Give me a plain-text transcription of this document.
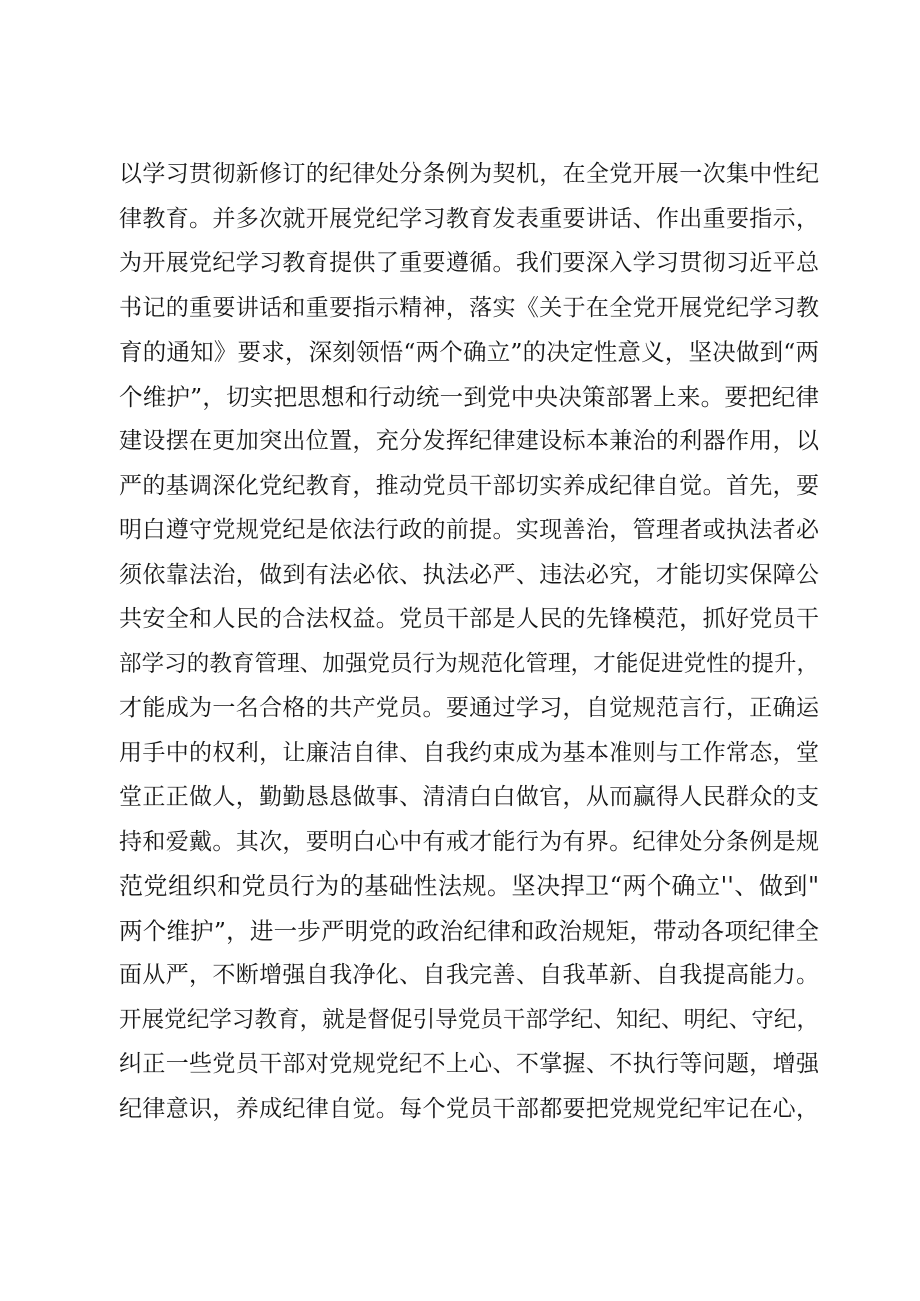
以学习贯彻新修订的纪律处分条例为契机，在全党开展一次集中性纪
律教育。并多次就开展党纪学习教育发表重要讲话、作出重要指示，
为开展党纪学习教育提供了重要遵循。我们要深入学习贯彻习近平总
书记的重要讲话和重要指示精神，落实《关于在全党开展党纪学习教
育的通知》要求，深刻领悟“两个确立”的决定性意义，坚决做到“两
个维护”，切实把思想和行动统一到党中央决策部署上来。要把纪律
建设摆在更加突出位置，充分发挥纪律建设标本兼治的利器作用，以
严的基调深化党纪教育，推动党员干部切实养成纪律自觉。首先，要
明白遵守党规党纪是依法行政的前提。实现善治，管理者或执法者必
须依靠法治，做到有法必依、执法必严、违法必究，才能切实保障公
共安全和人民的合法权益。党员干部是人民的先锋模范，抓好党员干
部学习的教育管理、加强党员行为规范化管理，才能促进党性的提升，
才能成为一名合格的共产党员。要通过学习，自觉规范言行，正确运
用手中的权利，让廉洁自律、自我约束成为基本准则与工作常态，堂
堂正正做人，勤勤恳恳做事、清清白白做官，从而赢得人民群众的支
持和爱戴。其次，要明白心中有戒才能行为有界。纪律处分条例是规
范党组织和党员行为的基础性法规。坚决捍卫“两个确立''、做到"
两个维护”，进一步严明党的政治纪律和政治规矩，带动各项纪律全
面从严，不断增强自我净化、自我完善、自我革新、自我提高能力。
开展党纪学习教育，就是督促引导党员干部学纪、知纪、明纪、守纪，
纠正一些党员干部对党规党纪不上心、不掌握、不执行等问题，增强
纪律意识，养成纪律自觉。每个党员干部都要把党规党纪牢记在心，
